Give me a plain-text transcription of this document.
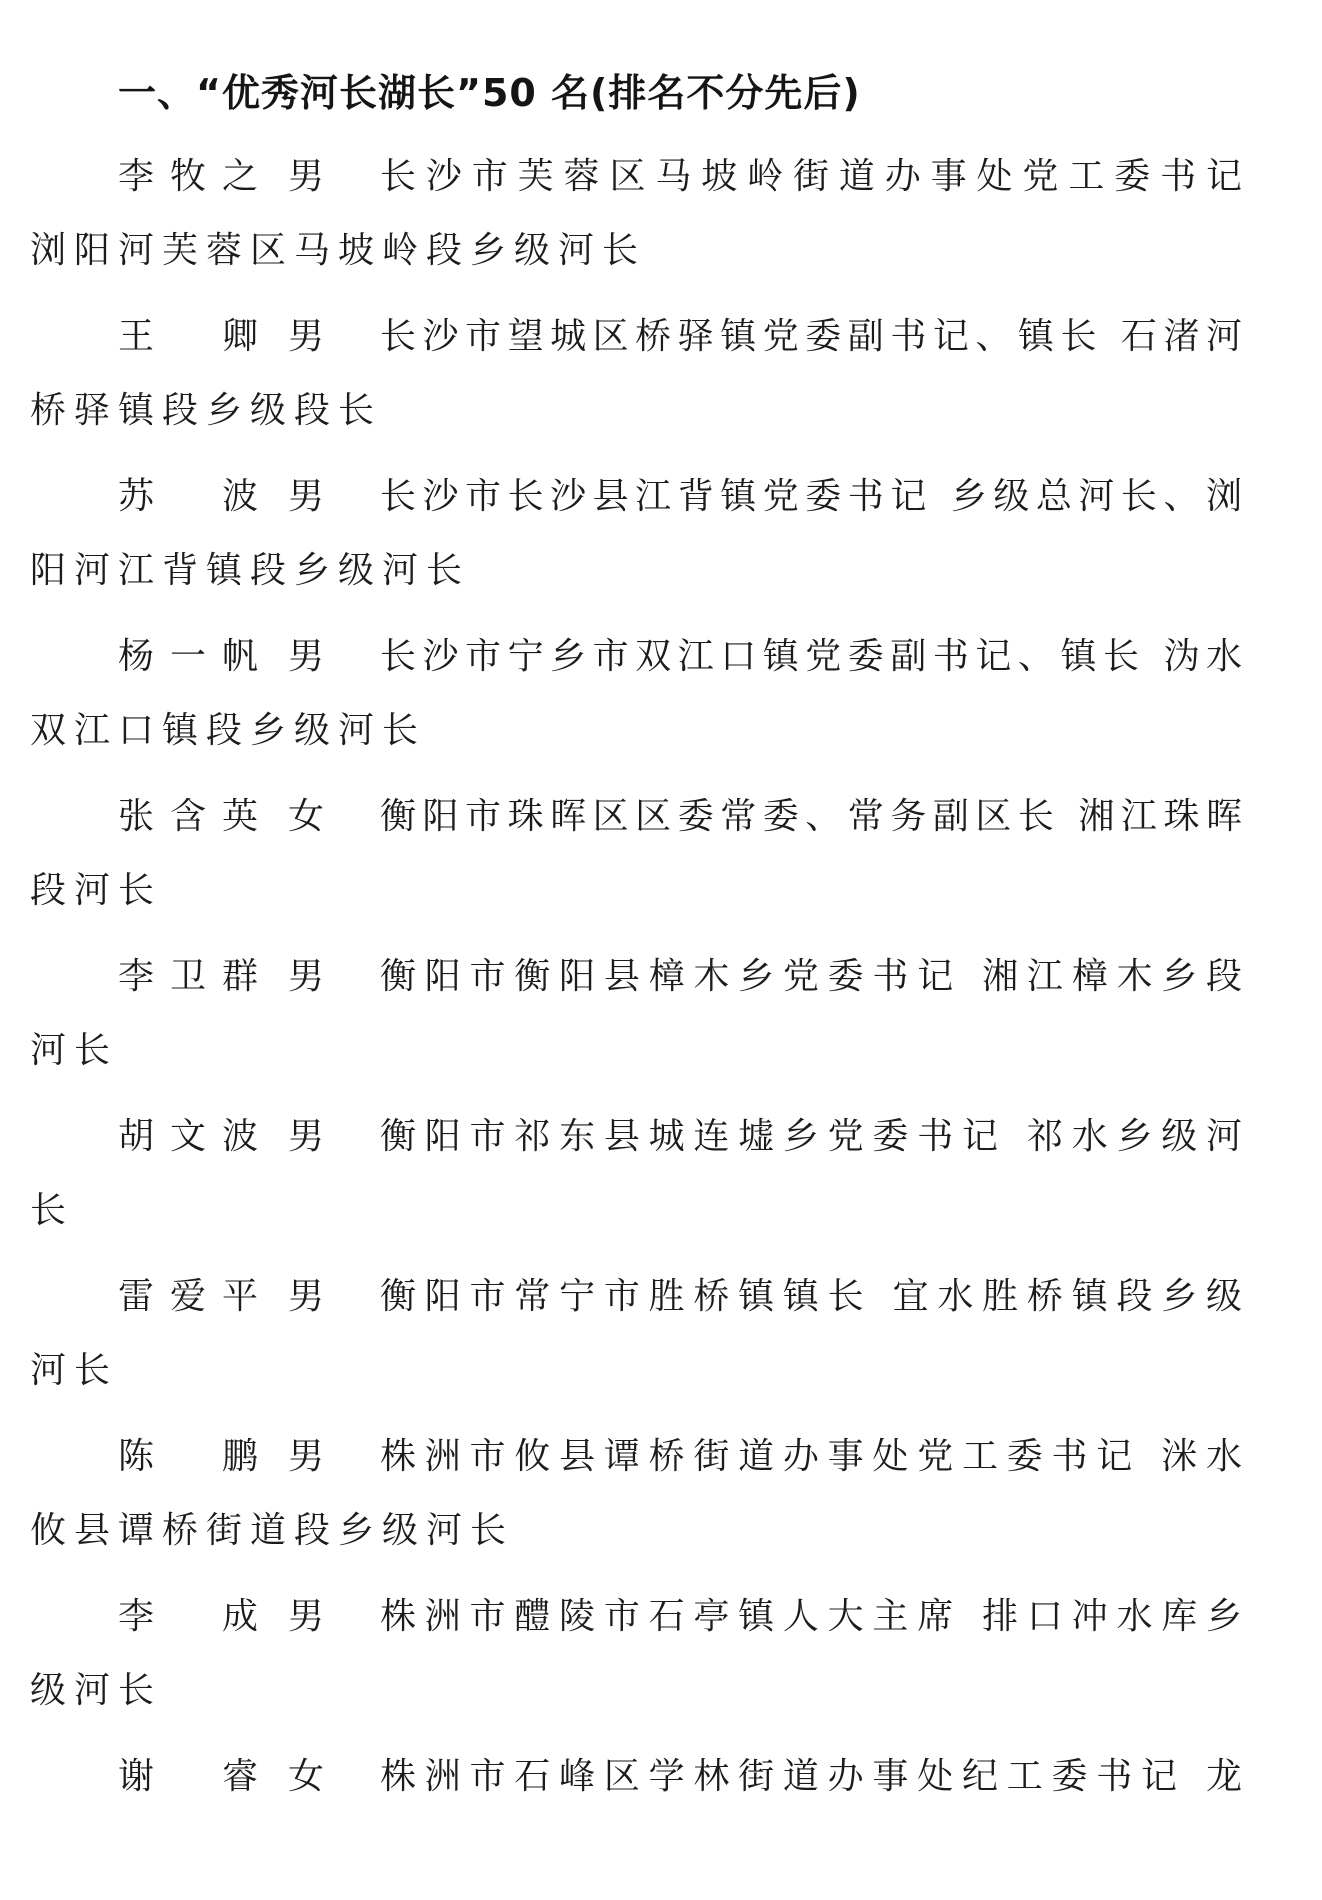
一、“优秀河长湖长”50 名(排名不分先后)
李 牧 之 男 长沙市芙蓉区马坡岭街道办事处党工委书记
浏阳河芙蓉区马坡岭段乡级河长
王 卿 男 长沙市望城区桥驿镇党委副书记、镇长 石渚河
桥驿镇段乡级段长
苏 波 男 长沙市长沙县江背镇党委书记 乡级总河长、浏
阳河江背镇段乡级河长
杨 一 帆 男 长沙市宁乡市双江口镇党委副书记、镇长 沩水
双江口镇段乡级河长
张 含 英 女 衡阳市珠晖区区委常委、常务副区长 湘江珠晖
段河长
李 卫 群 男 衡阳市衡阳县樟木乡党委书记 湘江樟木乡段
河长
胡 文 波 男 衡阳市祁东县城连墟乡党委书记 祁水乡级河
长
雷 爱 平 男 衡阳市常宁市胜桥镇镇长 宜水胜桥镇段乡级
河长
陈 鹏 男 株洲市攸县谭桥街道办事处党工委书记 洣水
攸县谭桥街道段乡级河长
李 成 男 株洲市醴陵市石亭镇人大主席 排口冲水库乡
级河长
谢 睿 女 株洲市石峰区学林街道办事处纪工委书记 龙
